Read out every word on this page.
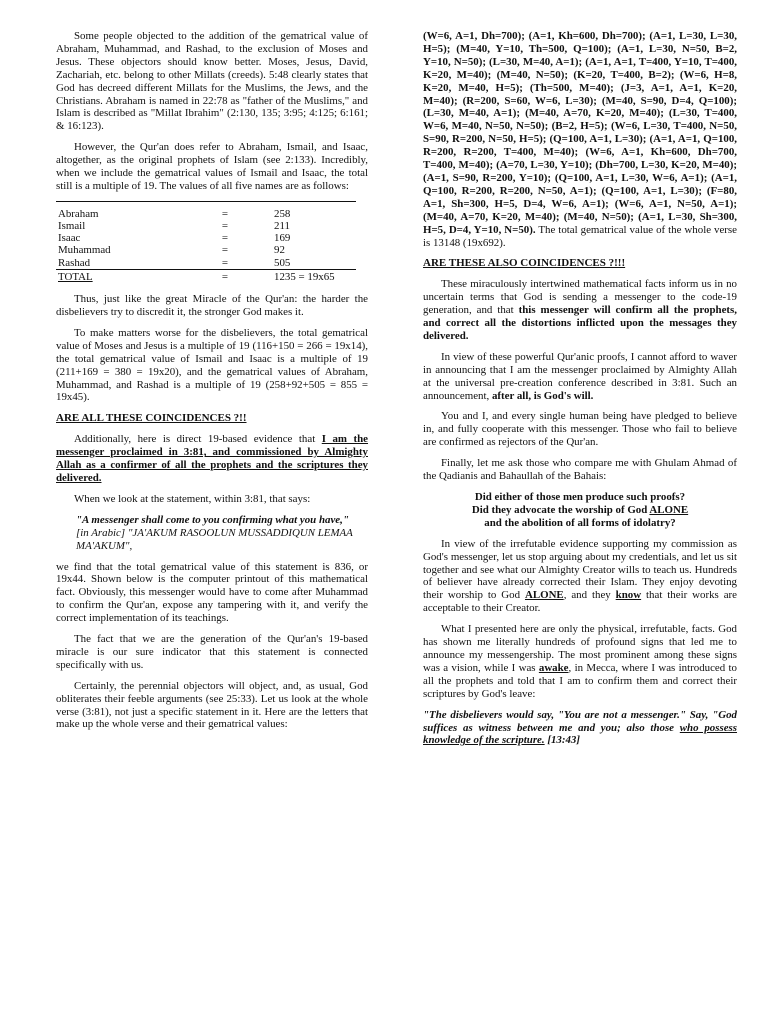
Some people objected to the addition of the gematrical value of Abraham, Muhammad, and Rashad, to the exclusion of Moses and Jesus. These objectors should know better. Moses, Jesus, David, Zachariah, etc. belong to other Millats (creeds). 5:48 clearly states that God has decreed different Millats for the Muslims, the Jews, and the Christians. Abraham is named in 22:78 as "father of the Muslims," and Islam is described as "Millat Ibrahim" (2:130, 135; 3:95; 4:125; 6:161; & 16:123).

However, the Qur'an does refer to Abraham, Ismail, and Isaac, altogether, as the original prophets of Islam (see 2:133). Incredibly, when we include the gematrical values of Ismail and Isaac, the total still is a multiple of 19. The values of all five names are as follows:

Abraham	=	258
Ismail	=	211
Isaac	=	169
Muhammad	=	92
Rashad	=	505
TOTAL	=	1235 = 19x65

Thus, just like the great Miracle of the Qur'an: the harder the disbelievers try to discredit it, the stronger God makes it.

To make matters worse for the disbelievers, the total gematrical value of Moses and Jesus is a multiple of 19 (116+150 = 266 = 19x14), the total gematrical value of Ismail and Isaac is a multiple of 19 (211+169 = 380 = 19x20), and the gematrical values of Abraham, Muhammad, and Rashad is a multiple of 19 (258+92+505 = 855 = 19x45).

ARE ALL THESE COINCIDENCES ?!!

Additionally, here is direct 19-based evidence that I am the messenger proclaimed in 3:81, and commissioned by Almighty Allah as a confirmer of all the prophets and the scriptures they delivered.

When we look at the statement, within 3:81, that says:

"A messenger shall come to you confirming what you have,"
[in Arabic] "JA'AKUM RASOOLUN MUSSADDIQUN LEMAA MA'AKUM",

we find that the total gematrical value of this statement is 836, or 19x44. Shown below is the computer printout of this mathematical fact. Obviously, this messenger would have to come after Muhammad to confirm the Qur'an, expose any tampering with it, and verify the correct implementation of its teachings.

The fact that we are the generation of the Qur'an's 19-based miracle is our sure indicator that this statement is connected specifically with us.

Certainly, the perennial objectors will object, and, as usual, God obliterates their feeble arguments (see 25:33). Let us look at the whole verse (3:81), not just a specific statement in it. Here are the letters that make up the whole verse and their gematrical values:

(W=6, A=1, Dh=700); (A=1, Kh=600, Dh=700); (A=1, L=30, L=30, H=5); (M=40, Y=10, Th=500, Q=100); (A=1, L=30, N=50, B=2, Y=10, N=50); (L=30, M=40, A=1); (A=1, A=1, T=400, Y=10, T=400, K=20, M=40); (M=40, N=50); (K=20, T=400, B=2); (W=6, H=8, K=20, M=40, H=5); (Th=500, M=40); (J=3, A=1, A=1, K=20, M=40); (R=200, S=60, W=6, L=30); (M=40, S=90, D=4, Q=100); (L=30, M=40, A=1); (M=40, A=70, K=20, M=40); (L=30, T=400, W=6, M=40, N=50, N=50); (B=2, H=5); (W=6, L=30, T=400, N=50, S=90, R=200, N=50, H=5); (Q=100, A=1, L=30); (A=1, A=1, Q=100, R=200, R=200, T=400, M=40); (W=6, A=1, Kh=600, Dh=700, T=400, M=40); (A=70, L=30, Y=10); (Dh=700, L=30, K=20, M=40); (A=1, S=90, R=200, Y=10); (Q=100, A=1, L=30, W=6, A=1); (A=1, Q=100, R=200, R=200, N=50, A=1); (Q=100, A=1, L=30); (F=80, A=1, Sh=300, H=5, D=4, W=6, A=1); (W=6, A=1, N=50, A=1); (M=40, A=70, K=20, M=40); (M=40, N=50); (A=1, L=30, Sh=300, H=5, D=4, Y=10, N=50). The total gematrical value of the whole verse is 13148 (19x692).

ARE THESE ALSO COINCIDENCES ?!!!

These miraculously intertwined mathematical facts inform us in no uncertain terms that God is sending a messenger to the code-19 generation, and that this messenger will confirm all the prophets, and correct all the distortions inflicted upon the messages they delivered.

In view of these powerful Qur'anic proofs, I cannot afford to waver in announcing that I am the messenger proclaimed by Almighty Allah at the universal pre-creation conference described in 3:81. Such an announcement, after all, is God's will.

You and I, and every single human being have pledged to believe in, and fully cooperate with this messenger. Those who fail to believe are confirmed as rejectors of the Qur'an.

Finally, let me ask those who compare me with Ghulam Ahmad of the Qadianis and Bahaullah of the Bahais:

Did either of those men produce such proofs?
Did they advocate the worship of God ALONE
and the abolition of all forms of idolatry?

In view of the irrefutable evidence supporting my commission as God's messenger, let us stop arguing about my credentials, and let us sit together and see what our Almighty Creator wills to teach us. Hundreds of believer have already corrected their Islam. They enjoy devoting their worship to God ALONE, and they know that their works are acceptable to their Creator.

What I presented here are only the physical, irrefutable, facts. God has shown me literally hundreds of profound signs that led me to announce my messengership. The most prominent among these signs was a vision, while I was awake, in Mecca, where I was introduced to all the prophets and told that I am to confirm them and correct their scriptures by God's leave:

"The disbelievers would say, "You are not a messenger." Say, "God suffices as witness between me and you; also those who possess knowledge of the scripture. [13:43]
